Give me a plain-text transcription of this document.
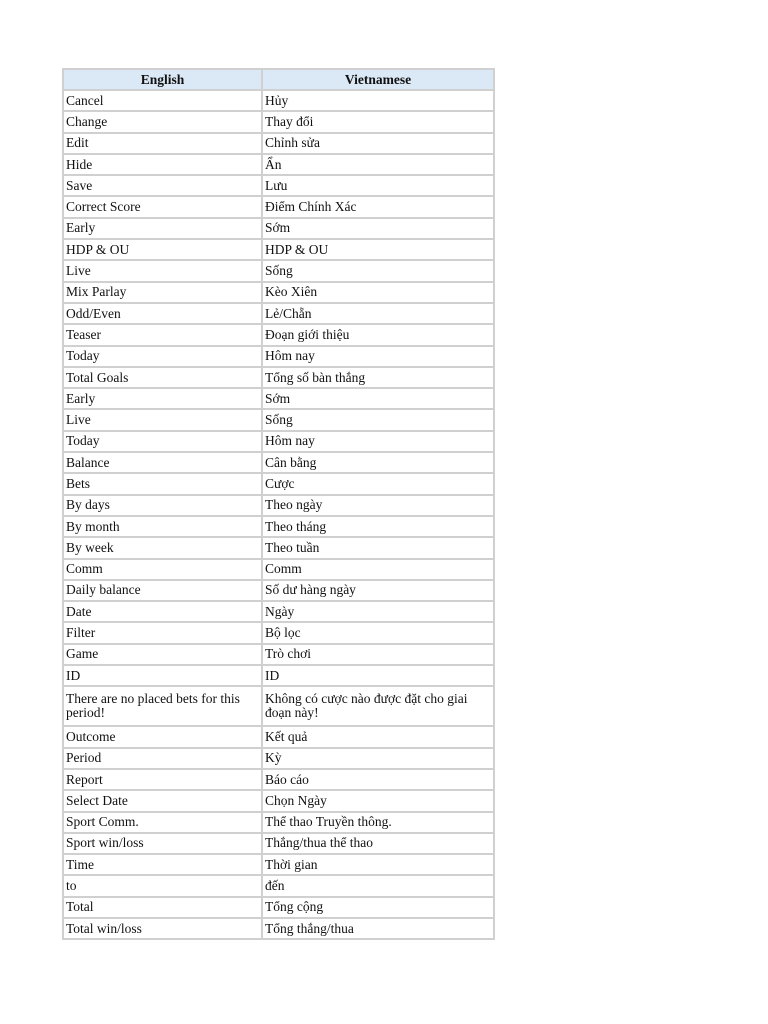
English	Vietnamese
Cancel	Hủy
Change	Thay đổi
Edit	Chỉnh sửa
Hide	Ẩn
Save	Lưu
Correct Score	Điểm Chính Xác
Early	Sớm
HDP & OU	HDP & OU
Live	Sống
Mix Parlay	Kèo Xiên
Odd/Even	Lẻ/Chẵn
Teaser	Đoạn giới thiệu
Today	Hôm nay
Total Goals	Tổng số bàn thắng
Early	Sớm
Live	Sống
Today	Hôm nay
Balance	Cân bằng
Bets	Cược
By days	Theo ngày
By month	Theo tháng
By week	Theo tuần
Comm	Comm
Daily balance	Số dư hàng ngày
Date	Ngày
Filter	Bộ lọc
Game	Trò chơi
ID	ID
There are no placed bets for this period!	Không có cược nào được đặt cho giai đoạn này!
Outcome	Kết quả
Period	Kỳ
Report	Báo cáo
Select Date	Chọn Ngày
Sport Comm.	Thể thao Truyền thông.
Sport win/loss	Thắng/thua thể thao
Time	Thời gian
to	đến
Total	Tổng cộng
Total win/loss	Tổng thắng/thua
